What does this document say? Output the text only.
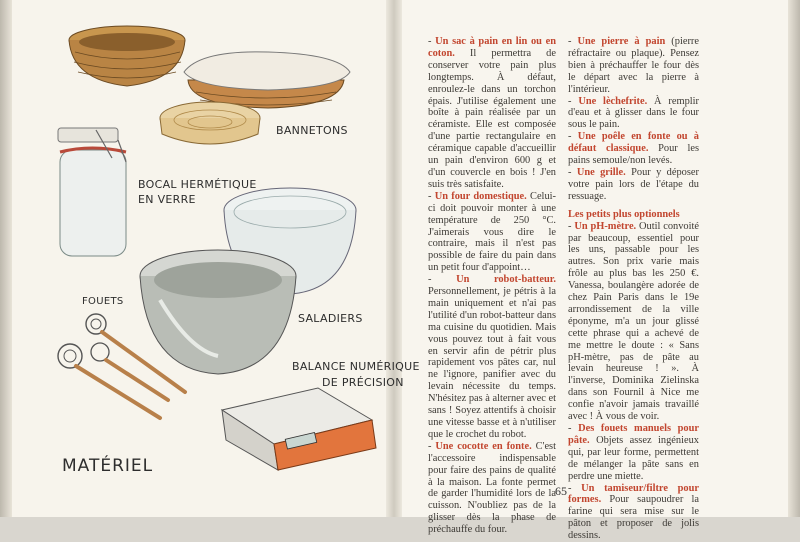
BANNETONS
BOCAL HERMÉTIQUE
EN VERRE
SALADIERS
FOUETS
BALANCE NUMÉRIQUE
DE PRÉCISION
MATÉRIEL

- Un sac à pain en lin ou en coton. Il permettra de conserver votre pain plus longtemps. À défaut, enroulez-le dans un torchon épais. J'utilise également une boîte à pain réalisée par un céramiste. Elle est composée d'une partie rectangulaire en céramique capable d'accueillir un pain d'environ 600 g et d'un couvercle en bois ! J'en suis très satisfaite.

- Un four domestique. Celui-ci doit pouvoir monter à une température de 250 °C. J'aimerais vous dire le contraire, mais il n'est pas possible de faire du pain dans un petit four d'appoint…

- Un robot-batteur. Personnellement, je pétris à la main uniquement et n'ai pas l'utilité d'un robot-batteur dans ma cuisine du quotidien. Mais vous pouvez tout à fait vous en servir afin de pétrir plus rapidement vos pâtes car, nul ne l'ignore, panifier avec du levain nécessite du temps. N'hésitez pas à alterner avec et sans ! Soyez attentifs à choisir une vitesse basse et à n'utiliser que le crochet du robot.

- Une cocotte en fonte. C'est l'accessoire indispensable pour faire des pains de qualité à la maison. La fonte permet de garder l'humidité lors de la cuisson. N'oubliez pas de la glisser dès la phase de préchauffe du four.

- Une pierre à pain (pierre réfractaire ou plaque). Pensez bien à préchauffer le four dès le départ avec la pierre à l'intérieur.

- Une lèchefrite. À remplir d'eau et à glisser dans le four sous le pain.

- Une poêle en fonte ou à défaut classique. Pour les pains semoule/non levés.

- Une grille. Pour y déposer votre pain lors de l'étape du ressuage.

Les petits plus optionnels

- Un pH-mètre. Outil convoité par beaucoup, essentiel pour les uns, passable pour les autres. Son prix varie mais frôle au plus bas les 250 €. Vanessa, boulangère adorée de chez Pain Paris dans le 19e arrondissement de la ville éponyme, m'a un jour glissé cette phrase qui a achevé de me mettre le doute : « Sans pH-mètre, pas de pâte au levain heureuse ! ». À l'inverse, Dominika Zielinska dans son Fournil à Nice me confie n'avoir jamais travaillé avec ! À vous de voir.

- Des fouets manuels pour pâte. Objets assez ingénieux qui, par leur forme, permettent de mélanger la pâte sans en perdre une miette.

- Un tamiseur/filtre pour formes. Pour saupoudrer la farine qui sera mise sur le pâton et proposer de jolis dessins.

65
